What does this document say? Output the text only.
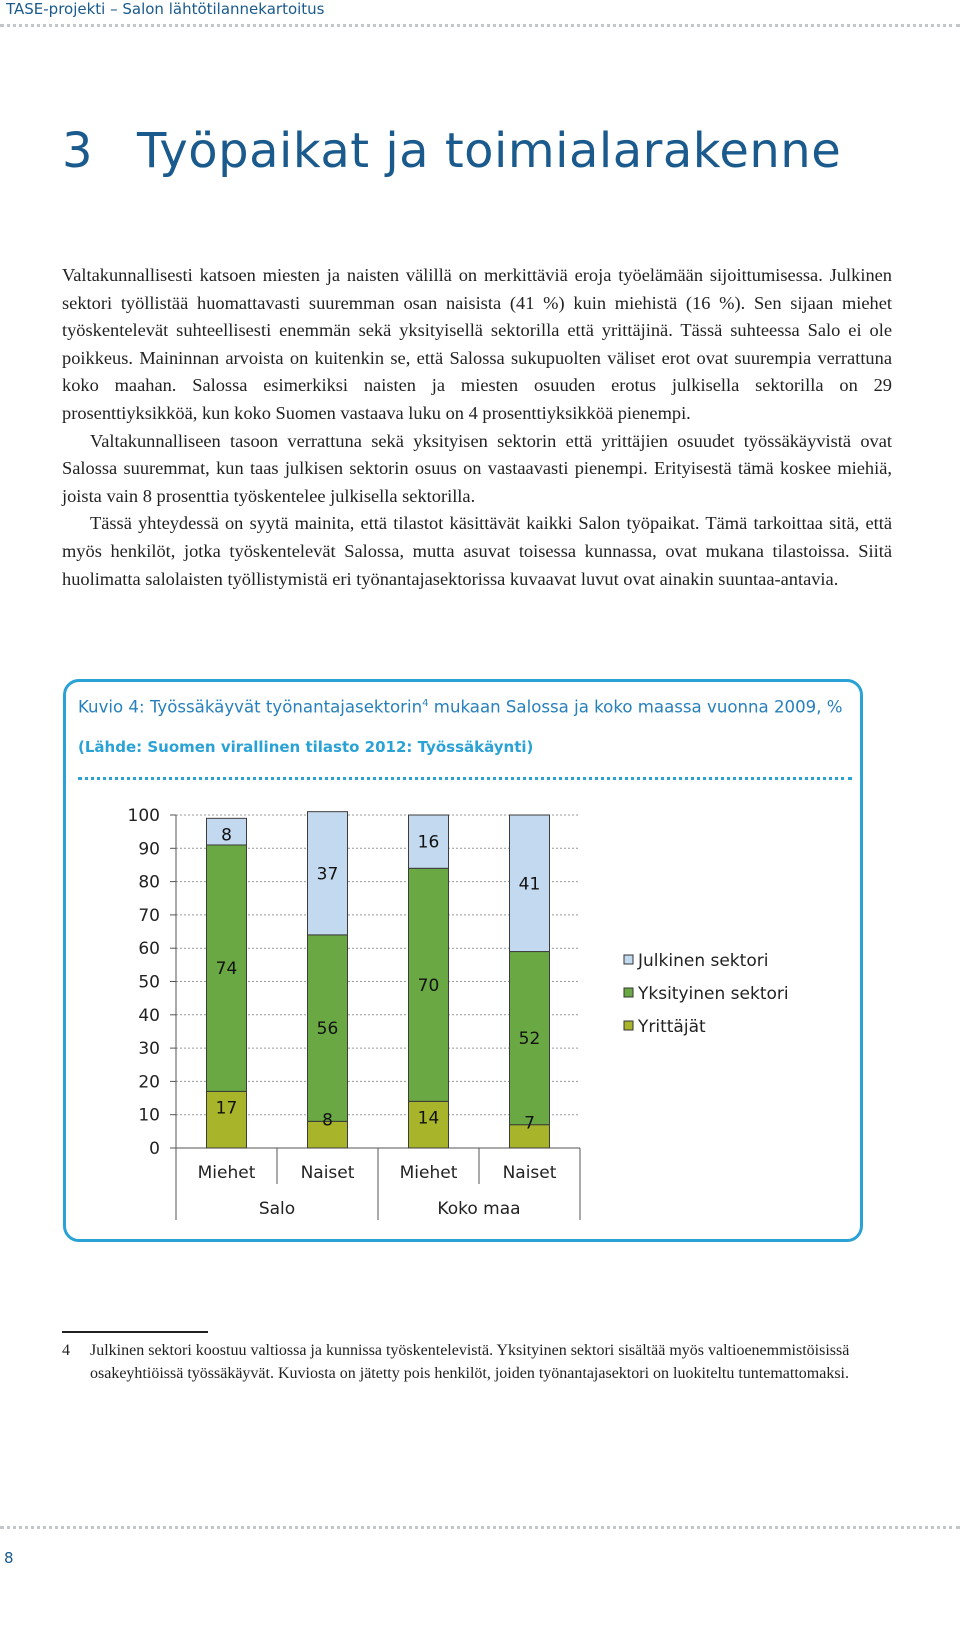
TASE-projekti – Salon lähtötilannekartoitus
3 Työpaikat ja toimialarakenne

Valtakunnallisesti katsoen miesten ja naisten välillä on merkittäviä eroja työelämään sijoittumisessa. Julkinen sektori työllistää huomattavasti suuremman osan naisista (41 %) kuin miehistä (16 %). Sen sijaan miehet työskentelevät suhteellisesti enemmän sekä yksityisellä sektorilla että yrittäjinä. Tässä suhteessa Salo ei ole poikkeus. Maininnan arvoista on kuitenkin se, että Salossa sukupuolten väliset erot ovat suurempia verrattuna koko maahan. Salossa esimerkiksi naisten ja miesten osuuden erotus julkisella sektorilla on 29 prosenttiyksikköä, kun koko Suomen vastaava luku on 4 prosenttiyksikköä pienempi.

Valtakunnalliseen tasoon verrattuna sekä yksityisen sektorin että yrittäjien osuudet työssäkäyvistä ovat Salossa suuremmat, kun taas julkisen sektorin osuus on vastaavasti pienempi. Erityisestä tämä koskee miehiä, joista vain 8 prosenttia työskentelee julkisella sektorilla.

Tässä yhteydessä on syytä mainita, että tilastot käsittävät kaikki Salon työpaikat. Tämä tarkoittaa sitä, että myös henkilöt, jotka työskentelevät Salossa, mutta asuvat toisessa kunnassa, ovat mukana tilastoissa. Siitä huolimatta salolaisten työllistymistä eri työnantajasektorissa kuvaavat luvut ovat ainakin suuntaa-antavia.

Kuvio 4: Työssäkäyvät työnantajasektorin$^4$ mukaan Salossa ja koko maassa vuonna 2009, %
(Lähde: Suomen virallinen tilasto 2012: Työssäkäynti)
0
10
20
30
40
50
60
70
80
90
100
17
74
8
Miehet
8
56
37
Naiset
14
70
16
Miehet
7
52
41
Naiset
Salo	Koko maa
Julkinen sektori
Yksityinen sektori
Yrittäjät
4 Julkinen sektori koostuu valtiossa ja kunnissa työskentelevistä. Yksityinen sektori sisältää myös valtioenemmistöisissä osakeyhtiöissä työssäkäyvät. Kuviosta on jätetty pois henkilöt, joiden työnantajasektori on luokiteltu tuntemattomaksi.
8
